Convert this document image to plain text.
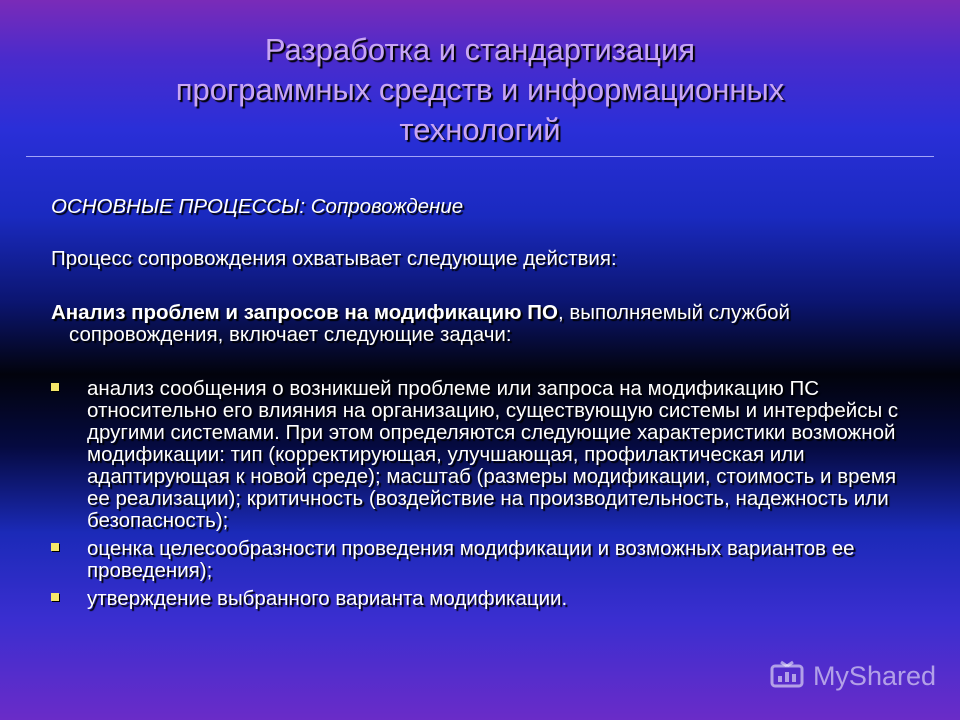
Разработка и стандартизация
программных средств и информационных
технологий

ОСНОВНЫЕ ПРОЦЕССЫ: Сопровождение

Процесс сопровождения охватывает следующие действия:

Анализ проблем и запросов на модификацию ПО, выполняемый службой сопровождения, включает следующие задачи:

анализ сообщения о возникшей проблеме или запроса на модификацию ПС относительно его влияния на организацию, существующую системы и интерфейсы с другими системами. При этом определяются следующие характеристики возможной модификации: тип (корректирующая, улучшающая, профилактическая или адаптирующая к новой среде); масштаб (размеры модификации, стоимость и время ее реализации); критичность (воздействие на производительность, надежность или безопасность);
оценка целесообразности проведения модификации и возможных вариантов ее проведения);
утверждение выбранного варианта модификации.
MyShared
